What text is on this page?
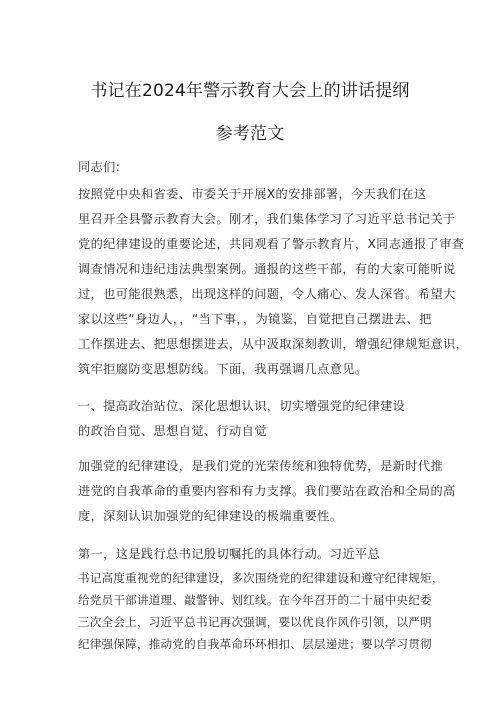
书记在2024年警示教育大会上的讲话提纲
参考范文
同志们:
按照党中央和省委、市委关于开展X的安排部署，今天我们在这
里召开全县警示教育大会。刚才，我们集体学习了习近平总书记关于
党的纪律建设的重要论述，共同观看了警示教育片，X同志通报了审查
调查情况和违纪违法典型案例。通报的这些干部，有的大家可能听说
过，也可能很熟悉，出现这样的问题，令人痛心、发人深省。希望大
家以这些“身边人，，“当下事，，为镜鉴，自觉把自己摆进去、把
工作摆进去、把思想摆进去，从中汲取深刻教训，增强纪律规矩意识，
筑牢拒腐防变思想防线。下面，我再强调几点意见。
一、提高政治站位、深化思想认识，切实增强党的纪律建设
的政治自觉、思想自觉、行动自觉
加强党的纪律建设，是我们党的光荣传统和独特优势，是新时代推
进党的自我革命的重要内容和有力支撑。我们要站在政治和全局的高
度，深刻认识加强党的纪律建设的极端重要性。
第一，这是践行总书记殷切嘱托的具体行动。习近平总
书记高度重视党的纪律建设，多次围绕党的纪律建设和遵守纪律规矩，
给党员干部讲道理、敲警钟、划红线。在今年召开的二十届中央纪委
三次全会上，习近平总书记再次强调，要以优良作风作引领，以严明
纪律强保障，推动党的自我革命环环相扣、层层递进；要以学习贯彻
